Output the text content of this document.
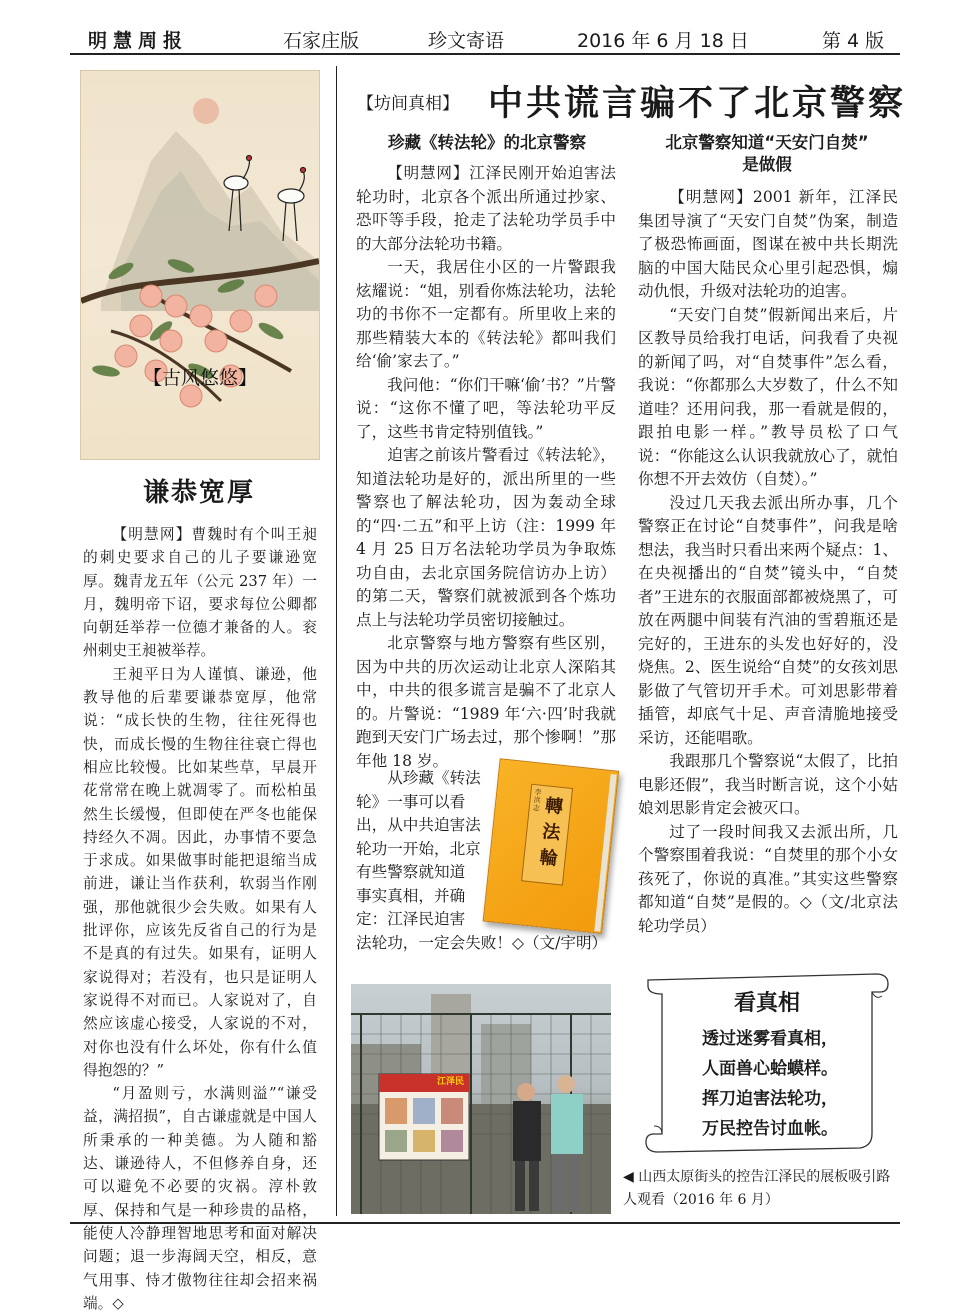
明慧周报	石家庄版	珍文寄语	2016 年 6 月 18 日	第 4 版
【古风悠悠】
谦恭宽厚

【明慧网】曹魏时有个叫王昶的刺史要求自己的儿子要谦逊宽厚。魏青龙五年（公元 237 年）一月，魏明帝下诏，要求每位公卿都向朝廷举荐一位德才兼备的人。衮州刺史王昶被举荐。

王昶平日为人谨慎、谦逊，他教导他的后辈要谦恭宽厚，他常说：“成长快的生物，往往死得也快，而成长慢的生物往往衰亡得也相应比较慢。比如某些草，早晨开花常常在晚上就凋零了。而松柏虽然生长缓慢，但即使在严冬也能保持经久不凋。因此，办事情不要急于求成。如果做事时能把退缩当成前进，谦让当作获利，软弱当作刚强，那他就很少会失败。如果有人批评你，应该先反省自己的行为是不是真的有过失。如果有，证明人家说得对；若没有，也只是证明人家说得不对而已。人家说对了，自然应该虚心接受，人家说的不对，对你也没有什么坏处，你有什么值得抱怨的？”

“月盈则亏，水满则溢”“谦受益，满招损”，自古谦虚就是中国人所秉承的一种美德。为人随和豁达、谦逊待人，不但修养自身，还可以避免不必要的灾祸。淳朴敦厚、保持和气是一种珍贵的品格，能使人冷静理智地思考和面对解决问题；退一步海阔天空，相反，意气用事、恃才傲物往往却会招来祸端。◇

【坊间真相】 中共谎言骗不了北京警察
珍藏《转法轮》的北京警察

【明慧网】江泽民刚开始迫害法轮功时，北京各个派出所通过抄家、恐吓等手段，抢走了法轮功学员手中的大部分法轮功书籍。

一天，我居住小区的一片警跟我炫耀说：“姐，别看你炼法轮功，法轮功的书你不一定都有。所里收上来的那些精装大本的《转法轮》都叫我们给‘偷’家去了。”

我问他：“你们干嘛‘偷’书？”片警说：“这你不懂了吧，等法轮功平反了，这些书肯定特别值钱。”

迫害之前该片警看过《转法轮》，知道法轮功是好的，派出所里的一些警察也了解法轮功，因为轰动全球的“四·二五”和平上访（注：1999 年 4 月 25 日万名法轮功学员为争取炼功自由，去北京国务院信访办上访）的第二天，警察们就被派到各个炼功点上与法轮功学员密切接触过。

北京警察与地方警察有些区别，因为中共的历次运动让北京人深陷其中，中共的很多谎言是骗不了北京人的。片警说：“1989 年‘六·四’时我就跑到天安门广场去过，那个惨啊！”那年他 18 岁。

从珍藏《转法
轮》一事可以看
出，从中共迫害法
轮功一开始，北京
有些警察就知道
事实真相，并确
定：江泽民迫害
法轮功，一定会失败！◇（文/宇明）
李洪志 轉法輪
北京警察知道“天安门自焚”
是做假

【明慧网】2001 新年，江泽民集团导演了“天安门自焚”伪案，制造了极恐怖画面，图谋在被中共长期洗脑的中国大陆民众心里引起恐惧，煽动仇恨，升级对法轮功的迫害。

“天安门自焚”假新闻出来后，片区教导员给我打电话，问我看了央视的新闻了吗，对“自焚事件”怎么看，我说：“你都那么大岁数了，什么不知道哇？还用问我，那一看就是假的，跟拍电影一样。”教导员松了口气说：“你能这么认识我就放心了，就怕你想不开去效仿（自焚）。”

没过几天我去派出所办事，几个警察正在讨论“自焚事件”，问我是啥想法，我当时只看出来两个疑点：1、在央视播出的“自焚”镜头中，“自焚者”王进东的衣服面部都被烧黑了，可放在两腿中间装有汽油的雪碧瓶还是完好的，王进东的头发也好好的，没烧焦。2、医生说给“自焚”的女孩刘思影做了气管切开手术。可刘思影带着插管，却底气十足、声音清脆地接受采访，还能唱歌。

我跟那几个警察说“太假了，比拍电影还假”，我当时断言说，这个小姑娘刘思影肯定会被灭口。

过了一段时间我又去派出所，几个警察围着我说：“自焚里的那个小女孩死了，你说的真准。”其实这些警察都知道“自焚”是假的。◇（文/北京法轮功学员）

江泽民
看真相
透过迷雾看真相，
人面兽心蛤蟆样。
挥刀迫害法轮功，
万民控告讨血帐。
◀ 山西太原街头的控告江泽民的展板吸引路人观看（2016 年 6 月）
